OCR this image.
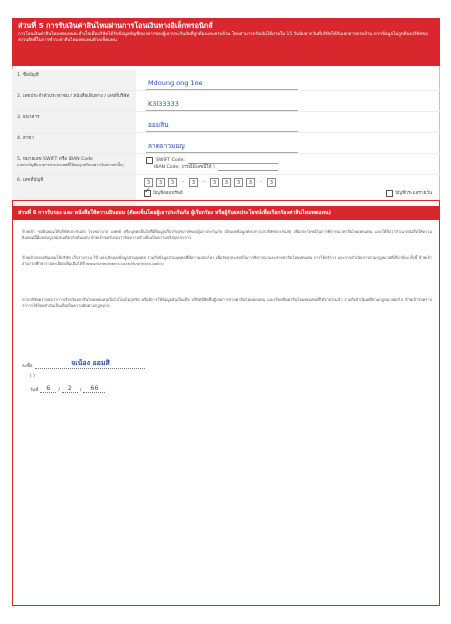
ส่วนที่ 5 การรับเงินค่าสินไหมผ่านการโอนเงินทางอิเล็กทรอนิกส์
การโอนเงินค่าสินไหมทดแทนจะสำเร็จเมื่อบริษัทได้รับข้อมูลบัญชีธนาคารของผู้เอาประกันภัยที่ถูกต้องและครบถ้วน โดยสามารถรับเงินได้ภายใน 15 วันนับจากวันที่บริษัทได้รับเอกสารครบถ้วน หากข้อมูลไม่ถูกต้องบริษัทขอสงวนสิทธิ์ในการชำระค่าสินไหมทดแทนด้วยเช็คแทน
1. ชื่อบัญชี
Mdoung ong 1oe
2. เลขประจำตัวประชาชน / หนังสือเดินทาง / เลขที่บริษัท
K3l33333
3. ธนาคาร
ออมสิน
4. สาขา
ลาดยาวมอญ
5. หมายเลข SWIFT หรือ IBAN Code
(เฉพาะบัญชีธนาคารต่างประเทศที่ใช้อนุญาตรับเฉพาะเงินตราเท่านั้น)
SWIFT Code:
IBAN Code: (กรณีมีเลขนี้ให้ )
6. เลขที่บัญชี	3	3	3	-	3	-	3	3	3	3	-	3
✓
บัญชีออมทรัพย์	บัญชีกระแสรายวัน
ส่วนที่ 6 การรับรอง และ หนังสือให้ความยินยอม (ต้องเซ็นโดยผู้เอาประกันภัย ผู้เรียกร้อง หรือผู้รับผลประโยชน์เพื่อเรียกร้องค่าสินไหมทดแทน)
ข้าพเจ้า ขอยินยอมให้บริษัทประกันภัย โรงพยาบาล แพทย์ หรือบุคคลอื่นใดที่มีข้อมูลเกี่ยวกับสุขภาพของผู้เอาประกันภัย เปิดเผยข้อมูลดังกล่าวแก่บริษัทประกันภัย เพื่อประโยชน์ในการพิจารณาค่าสินไหมทดแทน และให้ถือว่าสำเนาหนังสือให้ความยินยอมนี้มีผลสมบูรณ์เช่นเดียวกับต้นฉบับ ข้าพเจ้าขอรับรองว่าข้อความข้างต้นเป็นความจริงทุกประการ
ข้าพเจ้าตกลงยินยอมให้บริษัท เก็บรวบรวม ใช้ และเปิดเผยข้อมูลส่วนบุคคล รวมถึงข้อมูลส่วนบุคคลที่มีความอ่อนไหว เพื่อวัตถุประสงค์ในการพิจารณาและจ่ายค่าสินไหมทดแทน การให้บริการ และการดำเนินการตามกฎหมายที่เกี่ยวข้อง ทั้งนี้ ข้าพเจ้าสามารถศึกษารายละเอียดเพิ่มเติมได้ที่ www.tuneprotect.co.th/th/privacy-policy
หากบริษัทตรวจพบว่าการเรียกร้องค่าสินไหมทดแทนเป็นไปโดยไม่สุจริต หรือมีการให้ข้อมูลอันเป็นเท็จ บริษัทมีสิทธิ์ปฏิเสธการจ่ายค่าสินไหมทดแทน และเรียกคืนค่าสินไหมทดแทนที่ได้จ่ายไปแล้ว รวมถึงดำเนินคดีตามกฎหมายต่อไป ข้าพเจ้ารับทราบว่าการให้ถ้อยคำอันเป็นเท็จเป็นความผิดตามกฎหมาย
ลงชื่อ	จเน้อง ออมสิ
( )
วันที่	6	/	2	/	66
